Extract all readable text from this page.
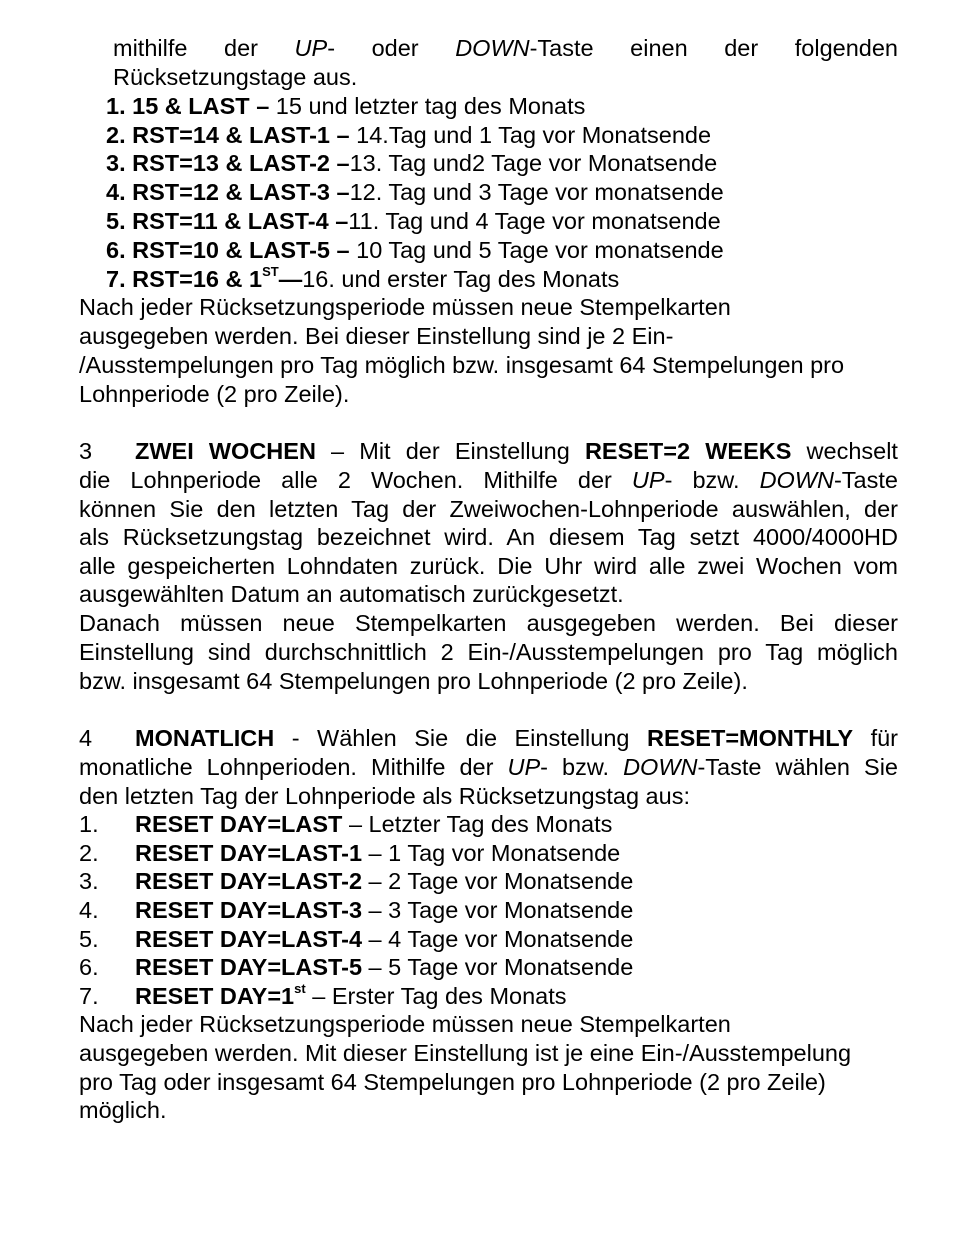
mithilfe der UP- oder DOWN-Taste einen der folgenden
Rücksetzungstage aus.
1. 15 & LAST – 15 und letzter tag des Monats
2. RST=14 & LAST-1 – 14.Tag und 1 Tag vor Monatsende
3. RST=13 & LAST-2 –13. Tag und2 Tage vor Monatsende
4. RST=12 & LAST-3 –12. Tag und 3 Tage vor monatsende
5. RST=11 & LAST-4 –11. Tag und 4 Tage vor monatsende
6. RST=10 & LAST-5 – 10 Tag und 5 Tage vor monatsende
7. RST=16 & 1ST—16. und erster Tag des Monats
Nach jeder Rücksetzungsperiode müssen neue Stempelkarten
ausgegeben werden. Bei dieser Einstellung sind je 2 Ein-
/Ausstempelungen pro Tag möglich bzw. insgesamt 64 Stempelungen pro
Lohnperiode (2 pro Zeile).
3 ZWEI WOCHEN – Mit der Einstellung RESET=2 WEEKS wechselt
die Lohnperiode alle 2 Wochen. Mithilfe der UP- bzw. DOWN-Taste
können Sie den letzten Tag der Zweiwochen-Lohnperiode auswählen, der
als Rücksetzungstag bezeichnet wird. An diesem Tag setzt 4000/4000HD
alle gespeicherten Lohndaten zurück. Die Uhr wird alle zwei Wochen vom
ausgewählten Datum an automatisch zurückgesetzt.
Danach müssen neue Stempelkarten ausgegeben werden. Bei dieser
Einstellung sind durchschnittlich 2 Ein-/Ausstempelungen pro Tag möglich
bzw. insgesamt 64 Stempelungen pro Lohnperiode (2 pro Zeile).
4 MONATLICH - Wählen Sie die Einstellung RESET=MONTHLY für
monatliche Lohnperioden. Mithilfe der UP- bzw. DOWN-Taste wählen Sie
den letzten Tag der Lohnperiode als Rücksetzungstag aus:
1. RESET DAY=LAST – Letzter Tag des Monats
2. RESET DAY=LAST-1 – 1 Tag vor Monatsende
3. RESET DAY=LAST-2 – 2 Tage vor Monatsende
4. RESET DAY=LAST-3 – 3 Tage vor Monatsende
5. RESET DAY=LAST-4 – 4 Tage vor Monatsende
6. RESET DAY=LAST-5 – 5 Tage vor Monatsende
7. RESET DAY=1st – Erster Tag des Monats
Nach jeder Rücksetzungsperiode müssen neue Stempelkarten
ausgegeben werden. Mit dieser Einstellung ist je eine Ein-/Ausstempelung
pro Tag oder insgesamt 64 Stempelungen pro Lohnperiode (2 pro Zeile)
möglich.
